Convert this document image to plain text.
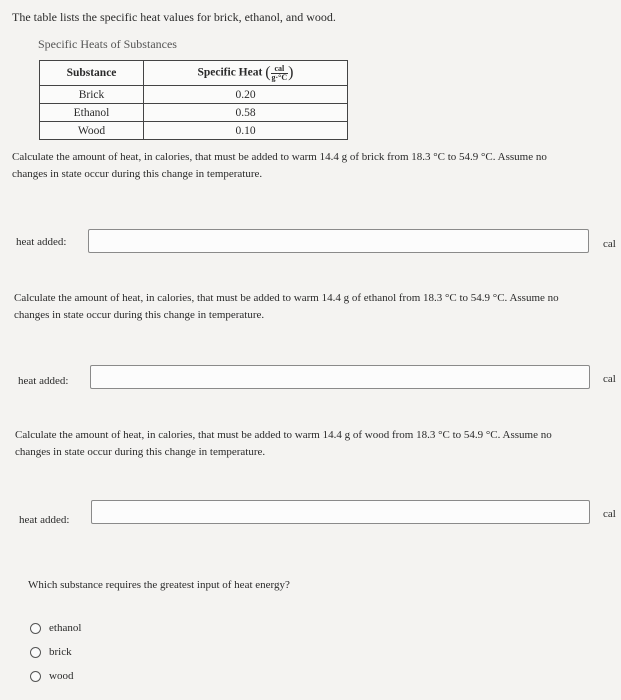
The table lists the specific heat values for brick, ethanol, and wood.
Specific Heats of Substances
Substance	Specific Heat ( $\frac{\text{cal}}{g\cdot^\circ C}$ )
Brick	0.20
Ethanol	0.58
Wood	0.10
Calculate the amount of heat, in calories, that must be added to warm 14.4 g of brick from 18.3 °C to 54.9 °C. Assume no
changes in state occur during this change in temperature.
heat added:	cal
Calculate the amount of heat, in calories, that must be added to warm 14.4 g of ethanol from 18.3 °C to 54.9 °C. Assume no
changes in state occur during this change in temperature.
heat added:	cal
Calculate the amount of heat, in calories, that must be added to warm 14.4 g of wood from 18.3 °C to 54.9 °C. Assume no
changes in state occur during this change in temperature.
heat added:	cal
Which substance requires the greatest input of heat energy?
ethanol
brick
wood
